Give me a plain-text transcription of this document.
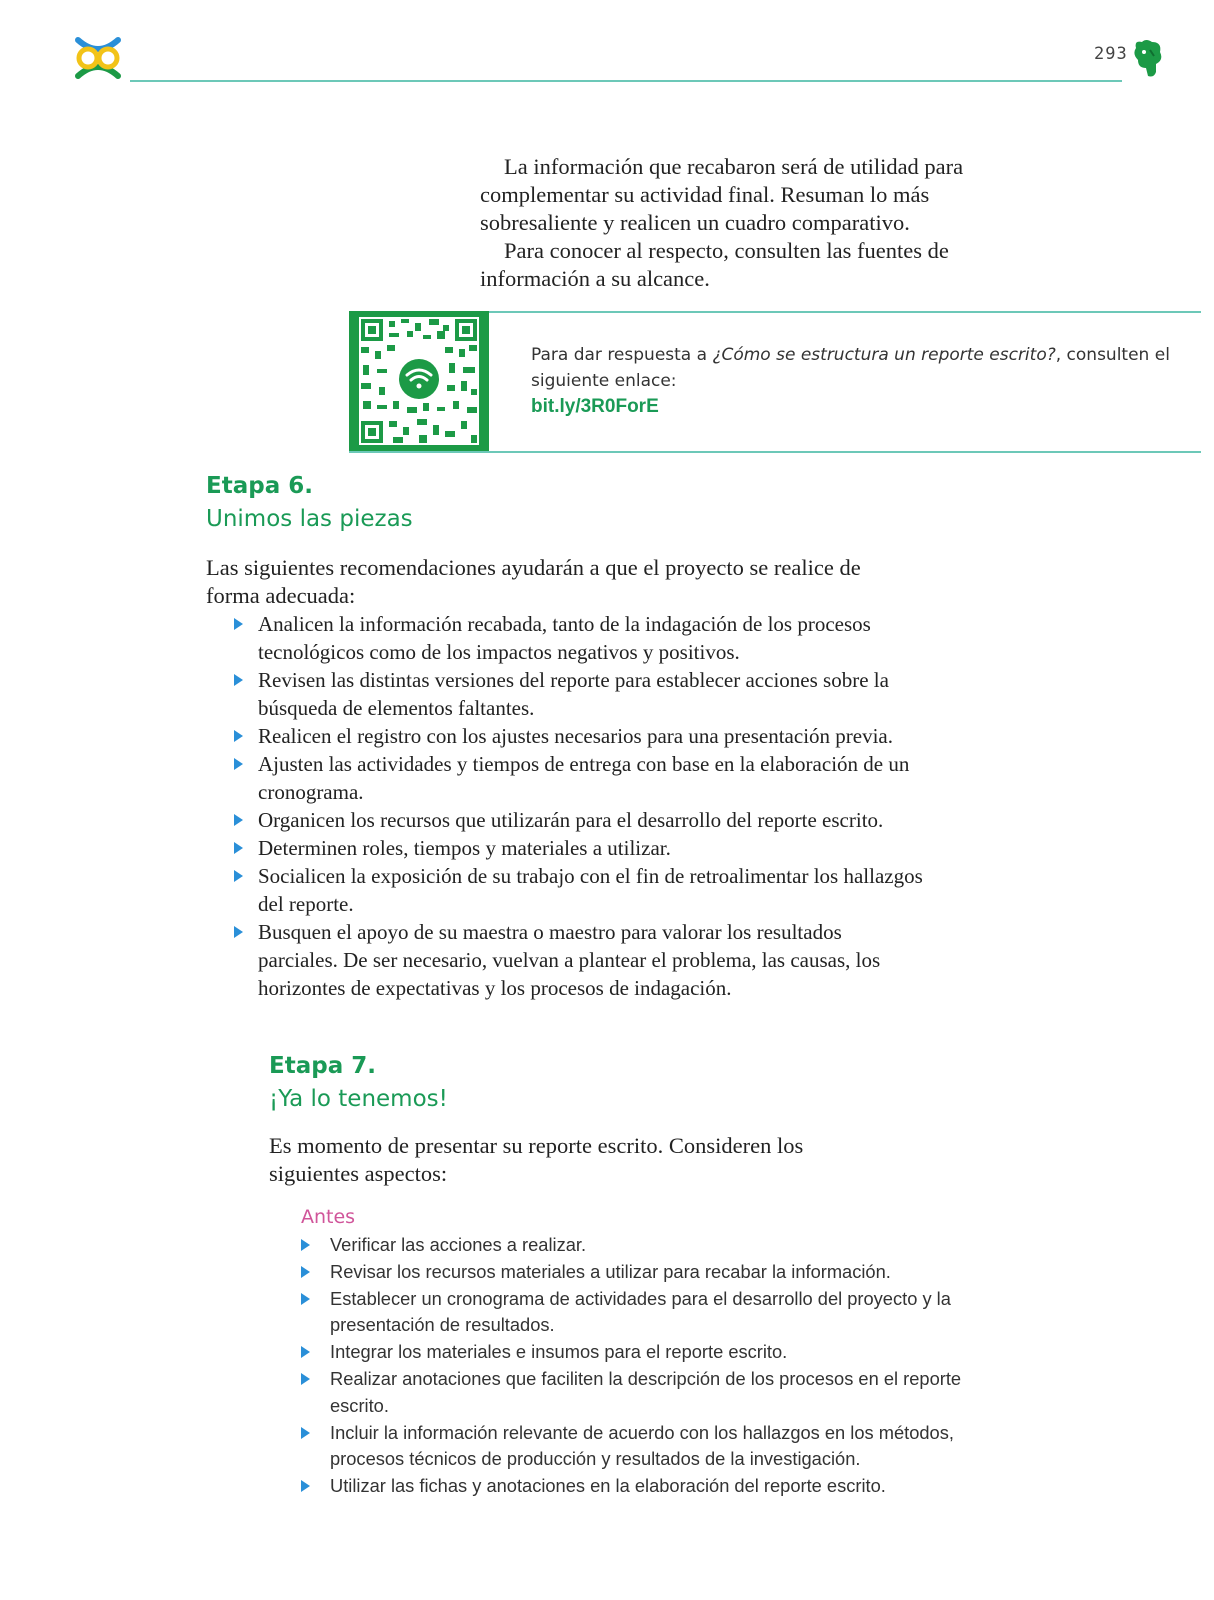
293

La información que recabaron será de utilidad para complementar su actividad final. Resuman lo más sobresaliente y realicen un cuadro comparativo.

Para conocer al respecto, consulten las fuentes de información a su alcance.

Para dar respuesta a ¿Cómo se estructura un reporte escrito?, consulten el siguiente enlace:
bit.ly/3R0ForE
Etapa 6.
Unimos las piezas

Las siguientes recomendaciones ayudarán a que el proyecto se realice de forma adecuada:

Analicen la información recabada, tanto de la indagación de los procesos tecnológicos como de los impactos negativos y positivos.
Revisen las distintas versiones del reporte para establecer acciones sobre la búsqueda de elementos faltantes.
Realicen el registro con los ajustes necesarios para una presentación previa.
Ajusten las actividades y tiempos de entrega con base en la elaboración de un cronograma.
Organicen los recursos que utilizarán para el desarrollo del reporte escrito.
Determinen roles, tiempos y materiales a utilizar.
Socialicen la exposición de su trabajo con el fin de retroalimentar los hallazgos del reporte.
Busquen el apoyo de su maestra o maestro para valorar los resultados parciales. De ser necesario, vuelvan a plantear el problema, las causas, los horizontes de expectativas y los procesos de indagación.
Etapa 7.
¡Ya lo tenemos!

Es momento de presentar su reporte escrito. Consideren los siguientes aspectos:

Antes
Verificar las acciones a realizar.
Revisar los recursos materiales a utilizar para recabar la información.
Establecer un cronograma de actividades para el desarrollo del proyecto y la presentación de resultados.
Integrar los materiales e insumos para el reporte escrito.
Realizar anotaciones que faciliten la descripción de los procesos en el reporte escrito.
Incluir la información relevante de acuerdo con los hallazgos en los métodos, procesos técnicos de producción y resultados de la investigación.
Utilizar las fichas y anotaciones en la elaboración del reporte escrito.
